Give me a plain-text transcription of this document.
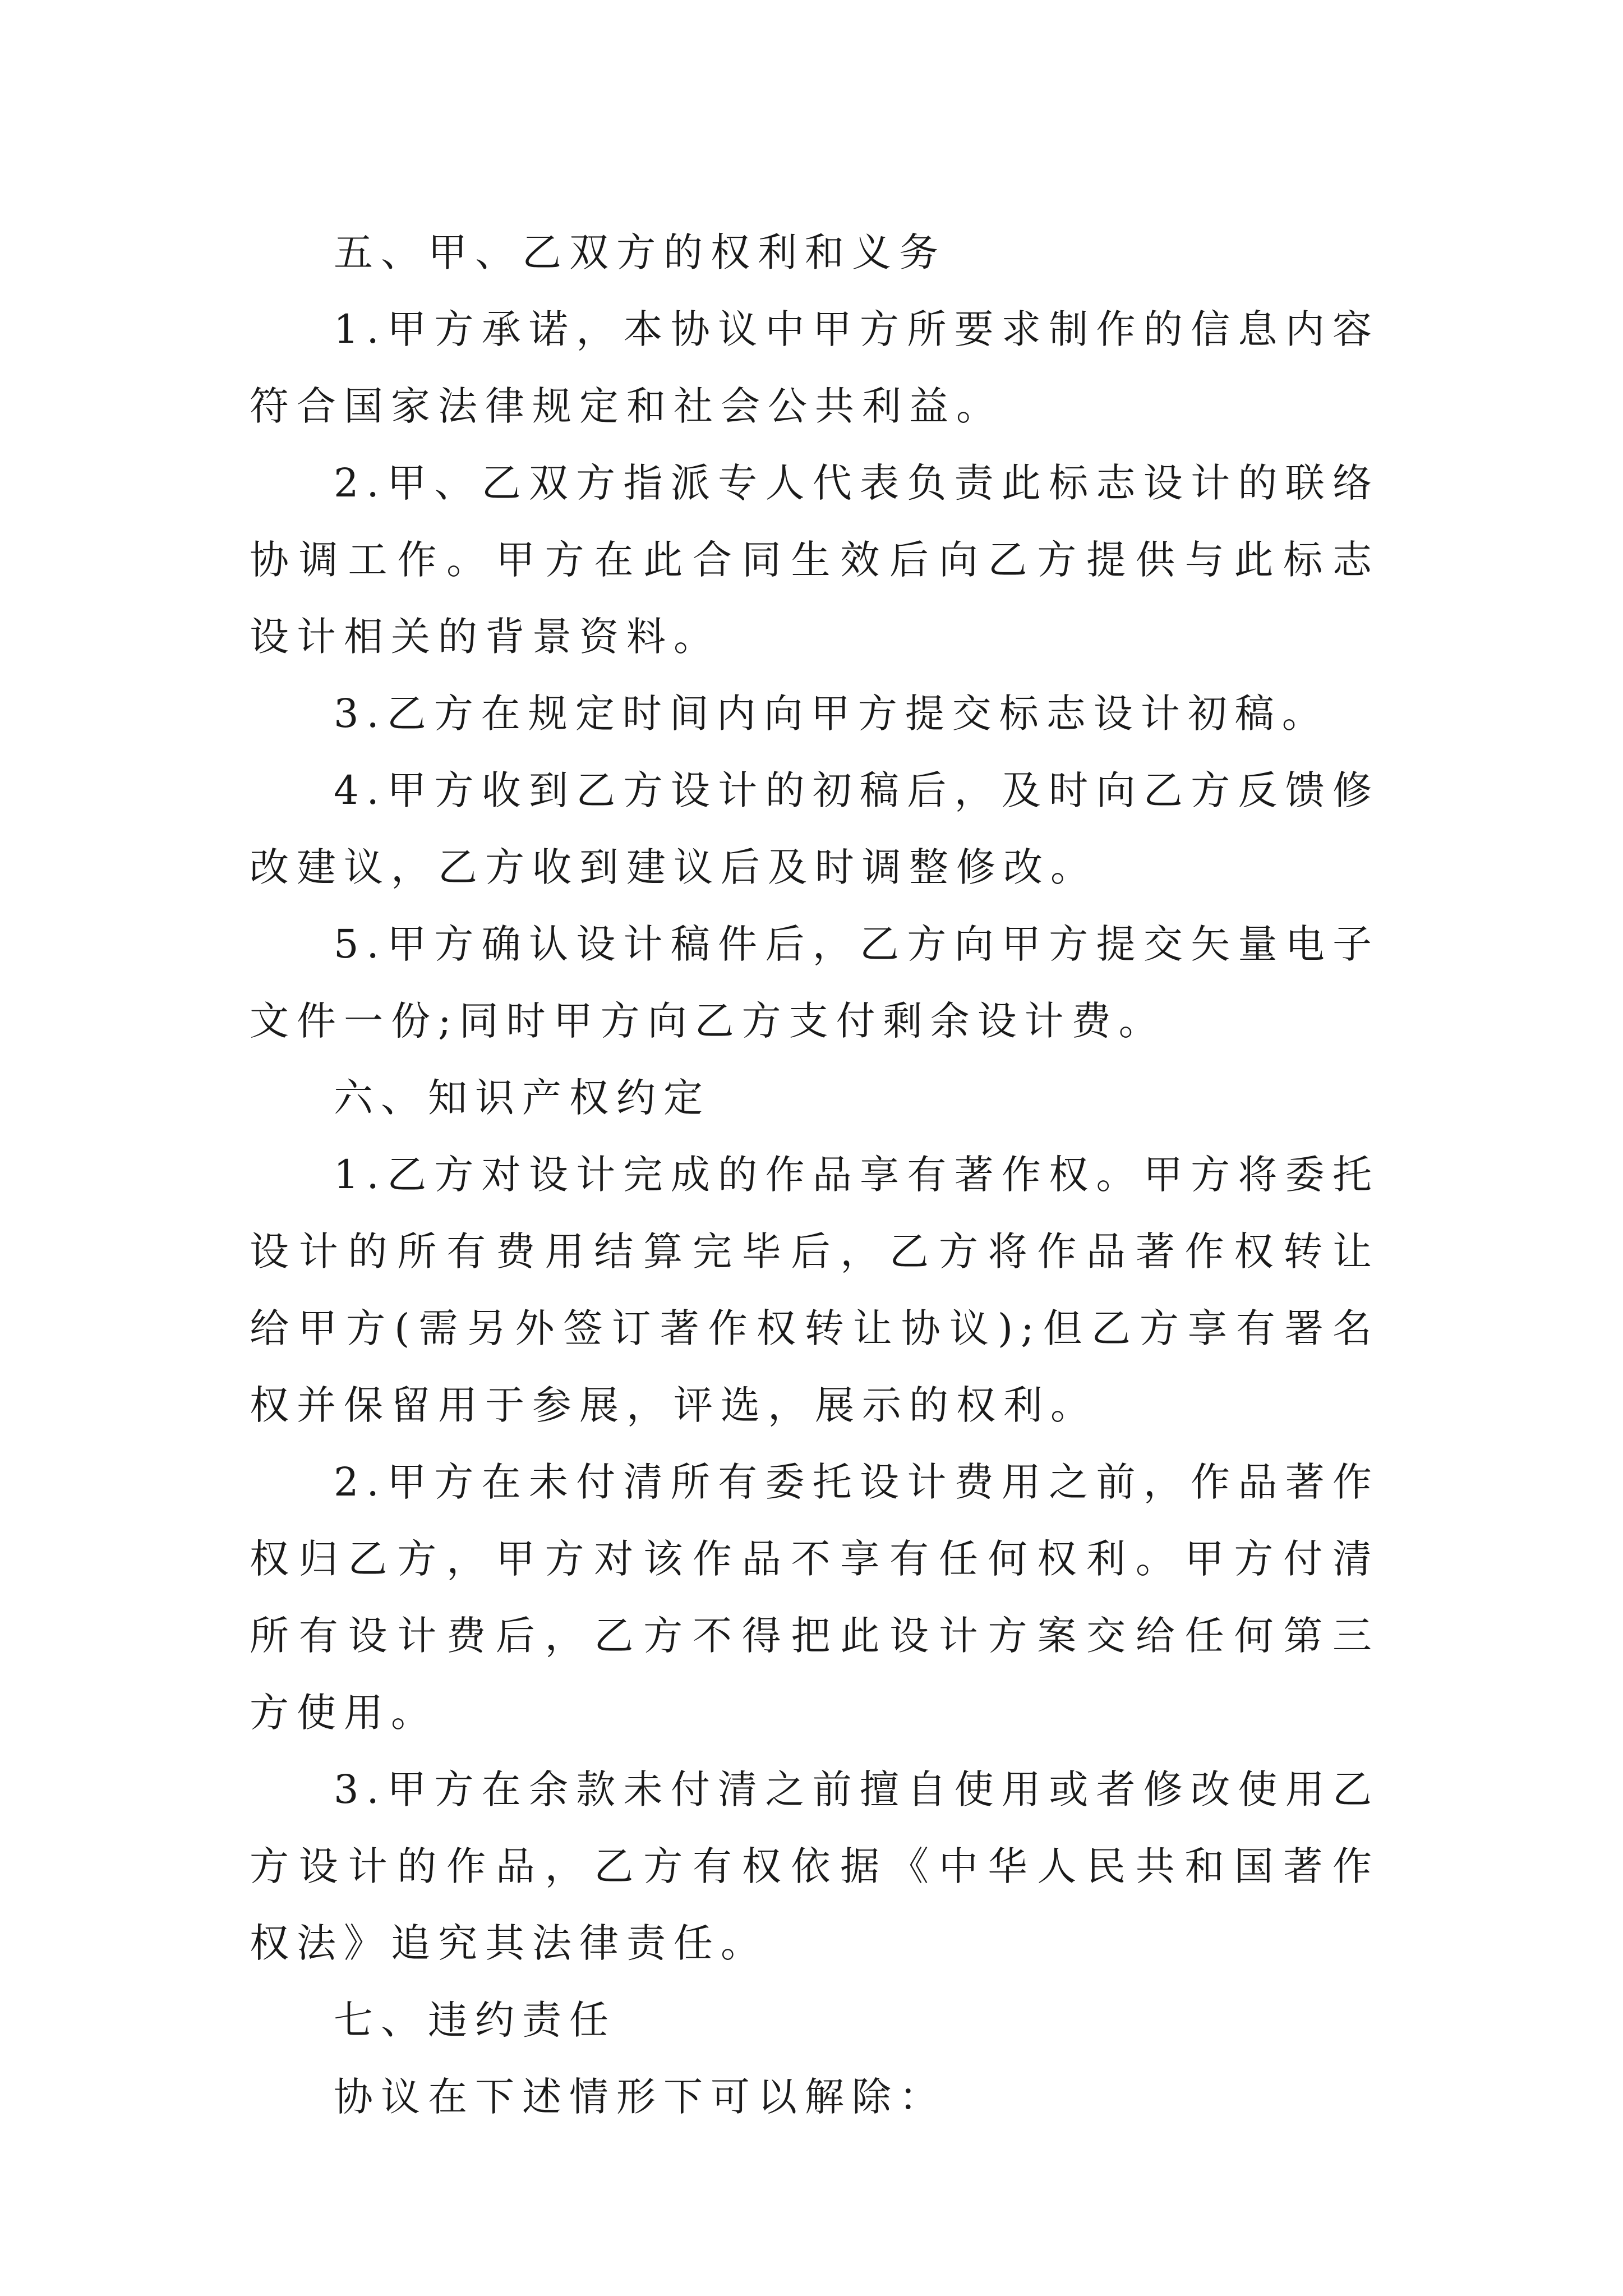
五、甲、乙双方的权利和义务

1.甲方承诺，本协议中甲方所要求制作的信息内容符合国家法律规定和社会公共利益。

2.甲、乙双方指派专人代表负责此标志设计的联络协调工作。甲方在此合同生效后向乙方提供与此标志设计相关的背景资料。

3.乙方在规定时间内向甲方提交标志设计初稿。

4.甲方收到乙方设计的初稿后，及时向乙方反馈修改建议，乙方收到建议后及时调整修改。

5.甲方确认设计稿件后，乙方向甲方提交矢量电子文件一份;同时甲方向乙方支付剩余设计费。

六、知识产权约定

1.乙方对设计完成的作品享有著作权。甲方将委托设计的所有费用结算完毕后，乙方将作品著作权转让给甲方(需另外签订著作权转让协议);但乙方享有署名权并保留用于参展，评选，展示的权利。

2.甲方在未付清所有委托设计费用之前，作品著作权归乙方，甲方对该作品不享有任何权利。甲方付清所有设计费后，乙方不得把此设计方案交给任何第三方使用。

3.甲方在余款未付清之前擅自使用或者修改使用乙方设计的作品，乙方有权依据《中华人民共和国著作权法》追究其法律责任。

七、违约责任

协议在下述情形下可以解除：
